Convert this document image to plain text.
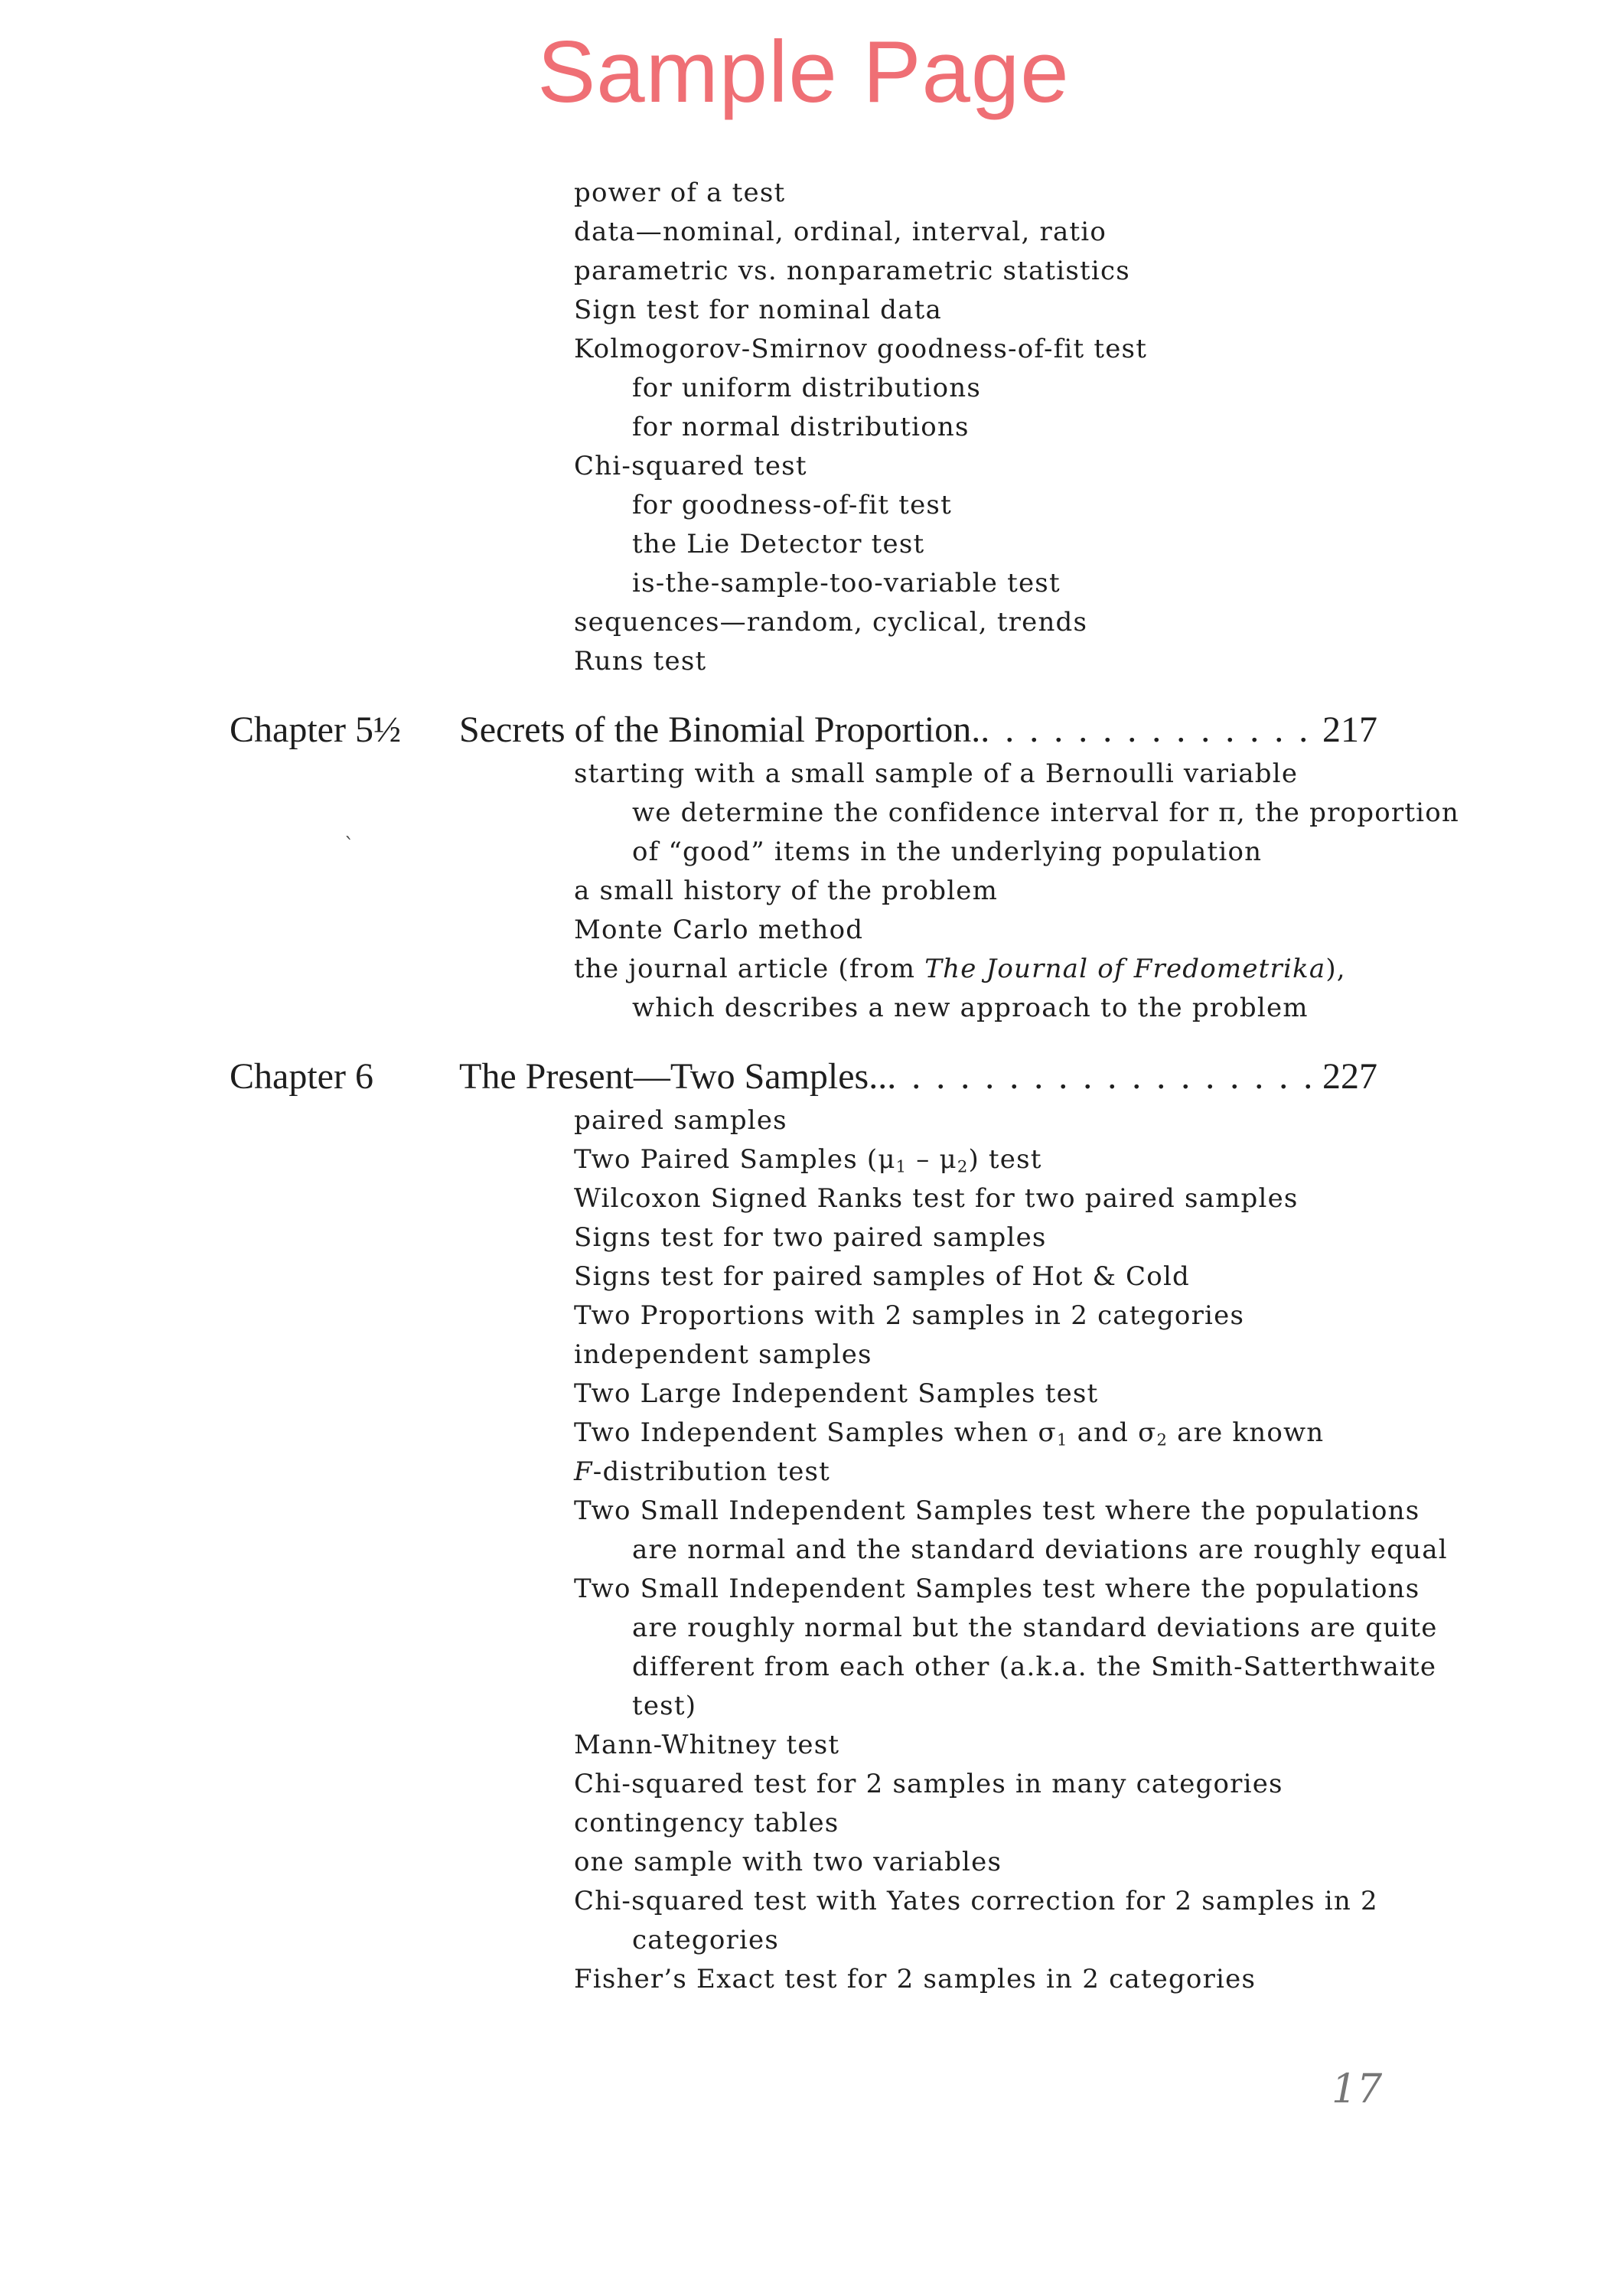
Sample Page
power of a test
data—nominal, ordinal, interval, ratio
parametric vs. nonparametric statistics
Sign test for nominal data
Kolmogorov-Smirnov goodness-of-fit test
for uniform distributions
for normal distributions
Chi-squared test
for goodness-of-fit test
the Lie Detector test
is-the-sample-too-variable test
sequences—random, cyclical, trends
Runs test
Chapter 5½ Secrets of the Binomial Proportion. . . .	217
starting with a small sample of a Bernoulli variable
we determine the confidence interval for π, the proportion
of “good” items in the underlying population
a small history of the problem
Monte Carlo method
the journal article (from The Journal of Fredometrika),
which describes a new approach to the problem
Chapter 6 The Present—Two Samples.. . . .	227
paired samples
Two Paired Samples $(\mu_1 - \mu_2)$ test
Wilcoxon Signed Ranks test for two paired samples
Signs test for two paired samples
Signs test for paired samples of Hot & Cold
Two Proportions with 2 samples in 2 categories
independent samples
Two Large Independent Samples test
Two Independent Samples when $\sigma_1$ and $\sigma_2$ are known
F-distribution test
Two Small Independent Samples test where the populations
are normal and the standard deviations are roughly equal
Two Small Independent Samples test where the populations
are roughly normal but the standard deviations are quite
different from each other (a.k.a. the Smith-Satterthwaite
test)
Mann-Whitney test
Chi-squared test for 2 samples in many categories
contingency tables
one sample with two variables
Chi-squared test with Yates correction for 2 samples in 2
categories
Fisher’s Exact test for 2 samples in 2 categories
`
17
